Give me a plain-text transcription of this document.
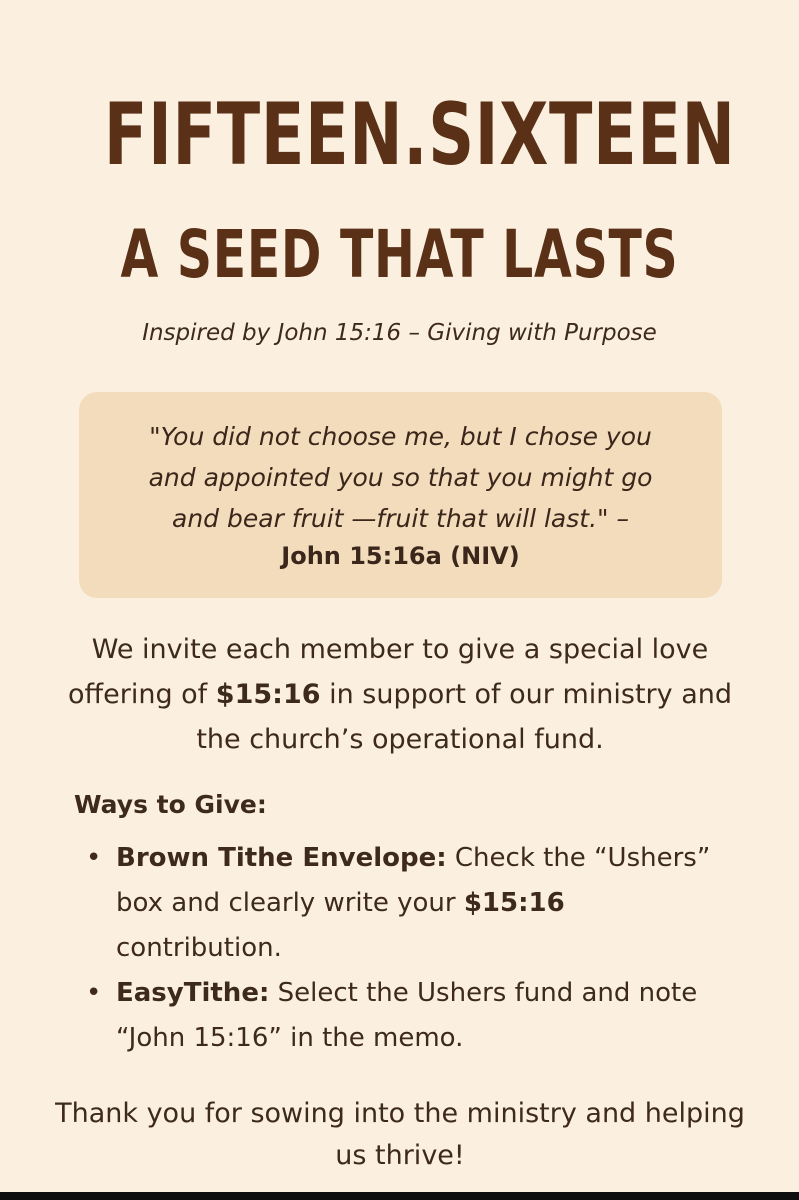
FIFTEEN.SIXTEEN
A SEED THAT LASTS

Inspired by John 15:16 – Giving with Purpose

"You did not choose me, but I chose you

and appointed you so that you might go

and bear fruit —fruit that will last." –

John 15:16a (NIV)

We invite each member to give a special love offering of $15:16 in support of our ministry and the church’s operational fund.

Ways to Give:

• Brown Tithe Envelope: Check the “Ushers” box and clearly write your $15:16 contribution.
• EasyTithe: Select the Ushers fund and note “John 15:16” in the memo.

Thank you for sowing into the ministry and helping us thrive!
